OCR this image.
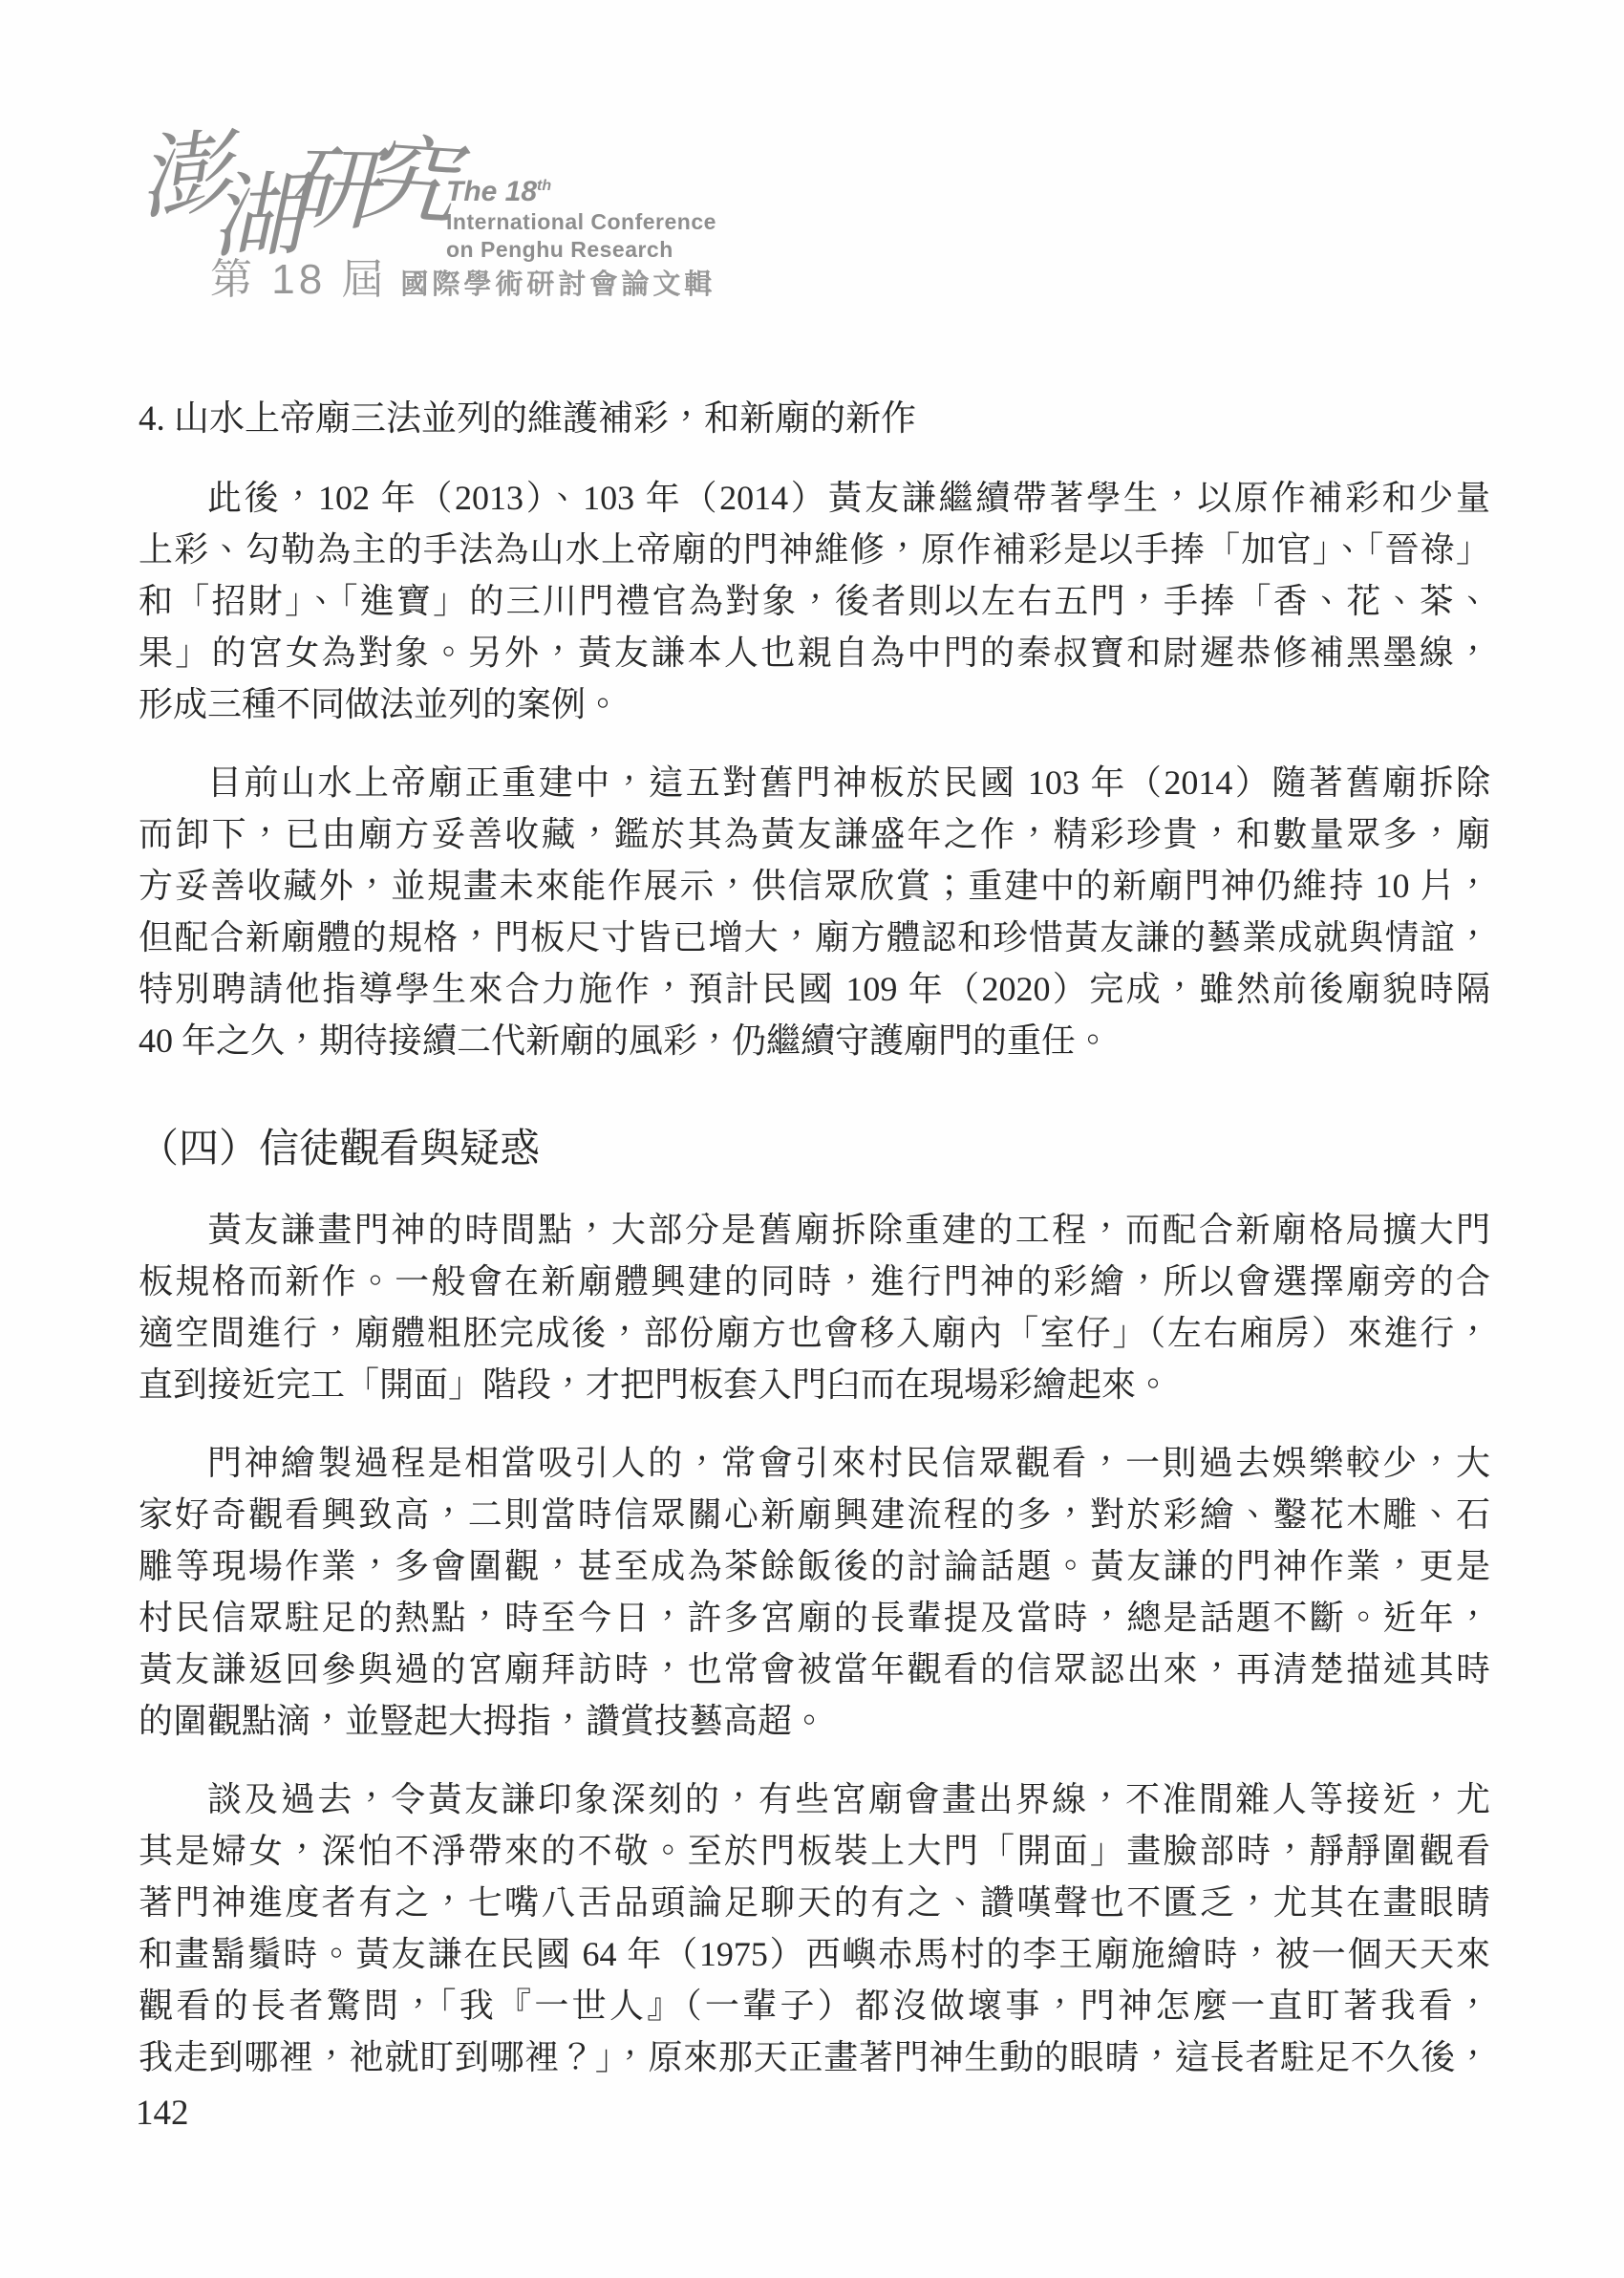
澎
湖
研
究
The 18th
International Conference
on Penghu Research
第 18 屆 國際學術研討會論文輯
4. 山水上帝廟三法並列的維護補彩，和新廟的新作
此後，102 年（2013）、103 年（2014）黃友謙繼續帶著學生，以原作補彩和少量
上彩、勾勒為主的手法為山水上帝廟的門神維修，原作補彩是以手捧「加官」、「晉祿」
和「招財」、「進寶」的三川門禮官為對象，後者則以左右五門，手捧「香、花、茶、
果」的宮女為對象。另外，黃友謙本人也親自為中門的秦叔寶和尉遲恭修補黑墨線，
形成三種不同做法並列的案例。
目前山水上帝廟正重建中，這五對舊門神板於民國 103 年（2014）隨著舊廟拆除
而卸下，已由廟方妥善收藏，鑑於其為黃友謙盛年之作，精彩珍貴，和數量眾多，廟
方妥善收藏外，並規畫未來能作展示，供信眾欣賞；重建中的新廟門神仍維持 10 片，
但配合新廟體的規格，門板尺寸皆已增大，廟方體認和珍惜黃友謙的藝業成就與情誼，
特別聘請他指導學生來合力施作，預計民國 109 年（2020）完成，雖然前後廟貌時隔
40 年之久，期待接續二代新廟的風彩，仍繼續守護廟門的重任。
（四）信徒觀看與疑惑
黃友謙畫門神的時間點，大部分是舊廟拆除重建的工程，而配合新廟格局擴大門
板規格而新作。一般會在新廟體興建的同時，進行門神的彩繪，所以會選擇廟旁的合
適空間進行，廟體粗胚完成後，部份廟方也會移入廟內「室仔」（左右廂房）來進行，
直到接近完工「開面」階段，才把門板套入門臼而在現場彩繪起來。
門神繪製過程是相當吸引人的，常會引來村民信眾觀看，一則過去娛樂較少，大
家好奇觀看興致高，二則當時信眾關心新廟興建流程的多，對於彩繪、鑿花木雕、石
雕等現場作業，多會圍觀，甚至成為茶餘飯後的討論話題。黃友謙的門神作業，更是
村民信眾駐足的熱點，時至今日，許多宮廟的長輩提及當時，總是話題不斷。近年，
黃友謙返回參與過的宮廟拜訪時，也常會被當年觀看的信眾認出來，再清楚描述其時
的圍觀點滴，並豎起大拇指，讚賞技藝高超。
談及過去，令黃友謙印象深刻的，有些宮廟會畫出界線，不准閒雜人等接近，尤
其是婦女，深怕不淨帶來的不敬。至於門板裝上大門「開面」畫臉部時，靜靜圍觀看
著門神進度者有之，七嘴八舌品頭論足聊天的有之、讚嘆聲也不匱乏，尤其在畫眼睛
和畫鬍鬚時。黃友謙在民國 64 年（1975）西嶼赤馬村的李王廟施繪時，被一個天天來
觀看的長者驚問，「我『一世人』（一輩子）都沒做壞事，門神怎麼一直盯著我看，
我走到哪裡，祂就盯到哪裡？」，原來那天正畫著門神生動的眼晴，這長者駐足不久後，
142
